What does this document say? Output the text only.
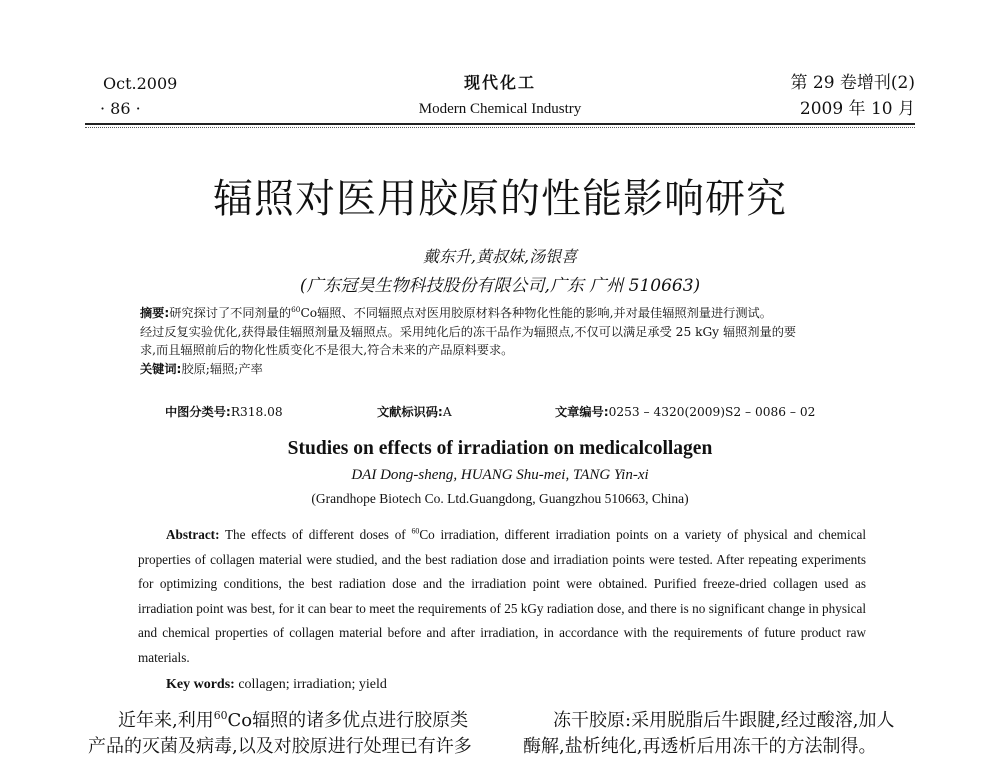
Oct.2009
· 86 ·
现代化工
Modern Chemical Industry
第 29 卷增刊(2)
2009 年 10 月
辐照对医用胶原的性能影响研究
戴东升,黄叔妹,汤银喜
(广东冠昊生物科技股份有限公司,广东 广州 510663)
摘要:研究探讨了不同剂量的$^{60}$Co辐照、不同辐照点对医用胶原材料各种物化性能的影响,并对最佳辐照剂量进行测试。
经过反复实验优化,获得最佳辐照剂量及辐照点。采用纯化后的冻干品作为辐照点,不仅可以满足承受 25 kGy 辐照剂量的要
求,而且辐照前后的物化性质变化不是很大,符合未来的产品原料要求。
关键词:胶原;辐照;产率
中图分类号:R318.08	文献标识码:A	文章编号:0253 – 4320(2009)S2 – 0086 – 02
Studies on effects of irradiation on medicalcollagen
DAI Dong-sheng, HUANG Shu-mei, TANG Yin-xi
(Grandhope Biotech Co. Ltd.Guangdong, Guangzhou 510663, China)
Abstract: The effects of different doses of $^{60}$Co irradiation, different irradiation points on a variety of physical and chemical properties of collagen material were studied, and the best radiation dose and irradiation points were tested. After repeating experiments for optimizing conditions, the best radiation dose and the irradiation point were obtained. Purified freeze-dried collagen used as irradiation point was best, for it can bear to meet the requirements of 25 kGy radiation dose, and there is no significant change in physical and chemical properties of collagen material before and after irradiation, in accordance with the requirements of future product raw materials.
Key words: collagen; irradiation; yield
近年来,利用$^{60}$Co辐照的诸多优点进行胶原类
产品的灭菌及病毒,以及对胶原进行处理已有许多
冻干胶原:采用脱脂后牛跟腱,经过酸溶,加人
酶解,盐析纯化,再透析后用冻干的方法制得。
